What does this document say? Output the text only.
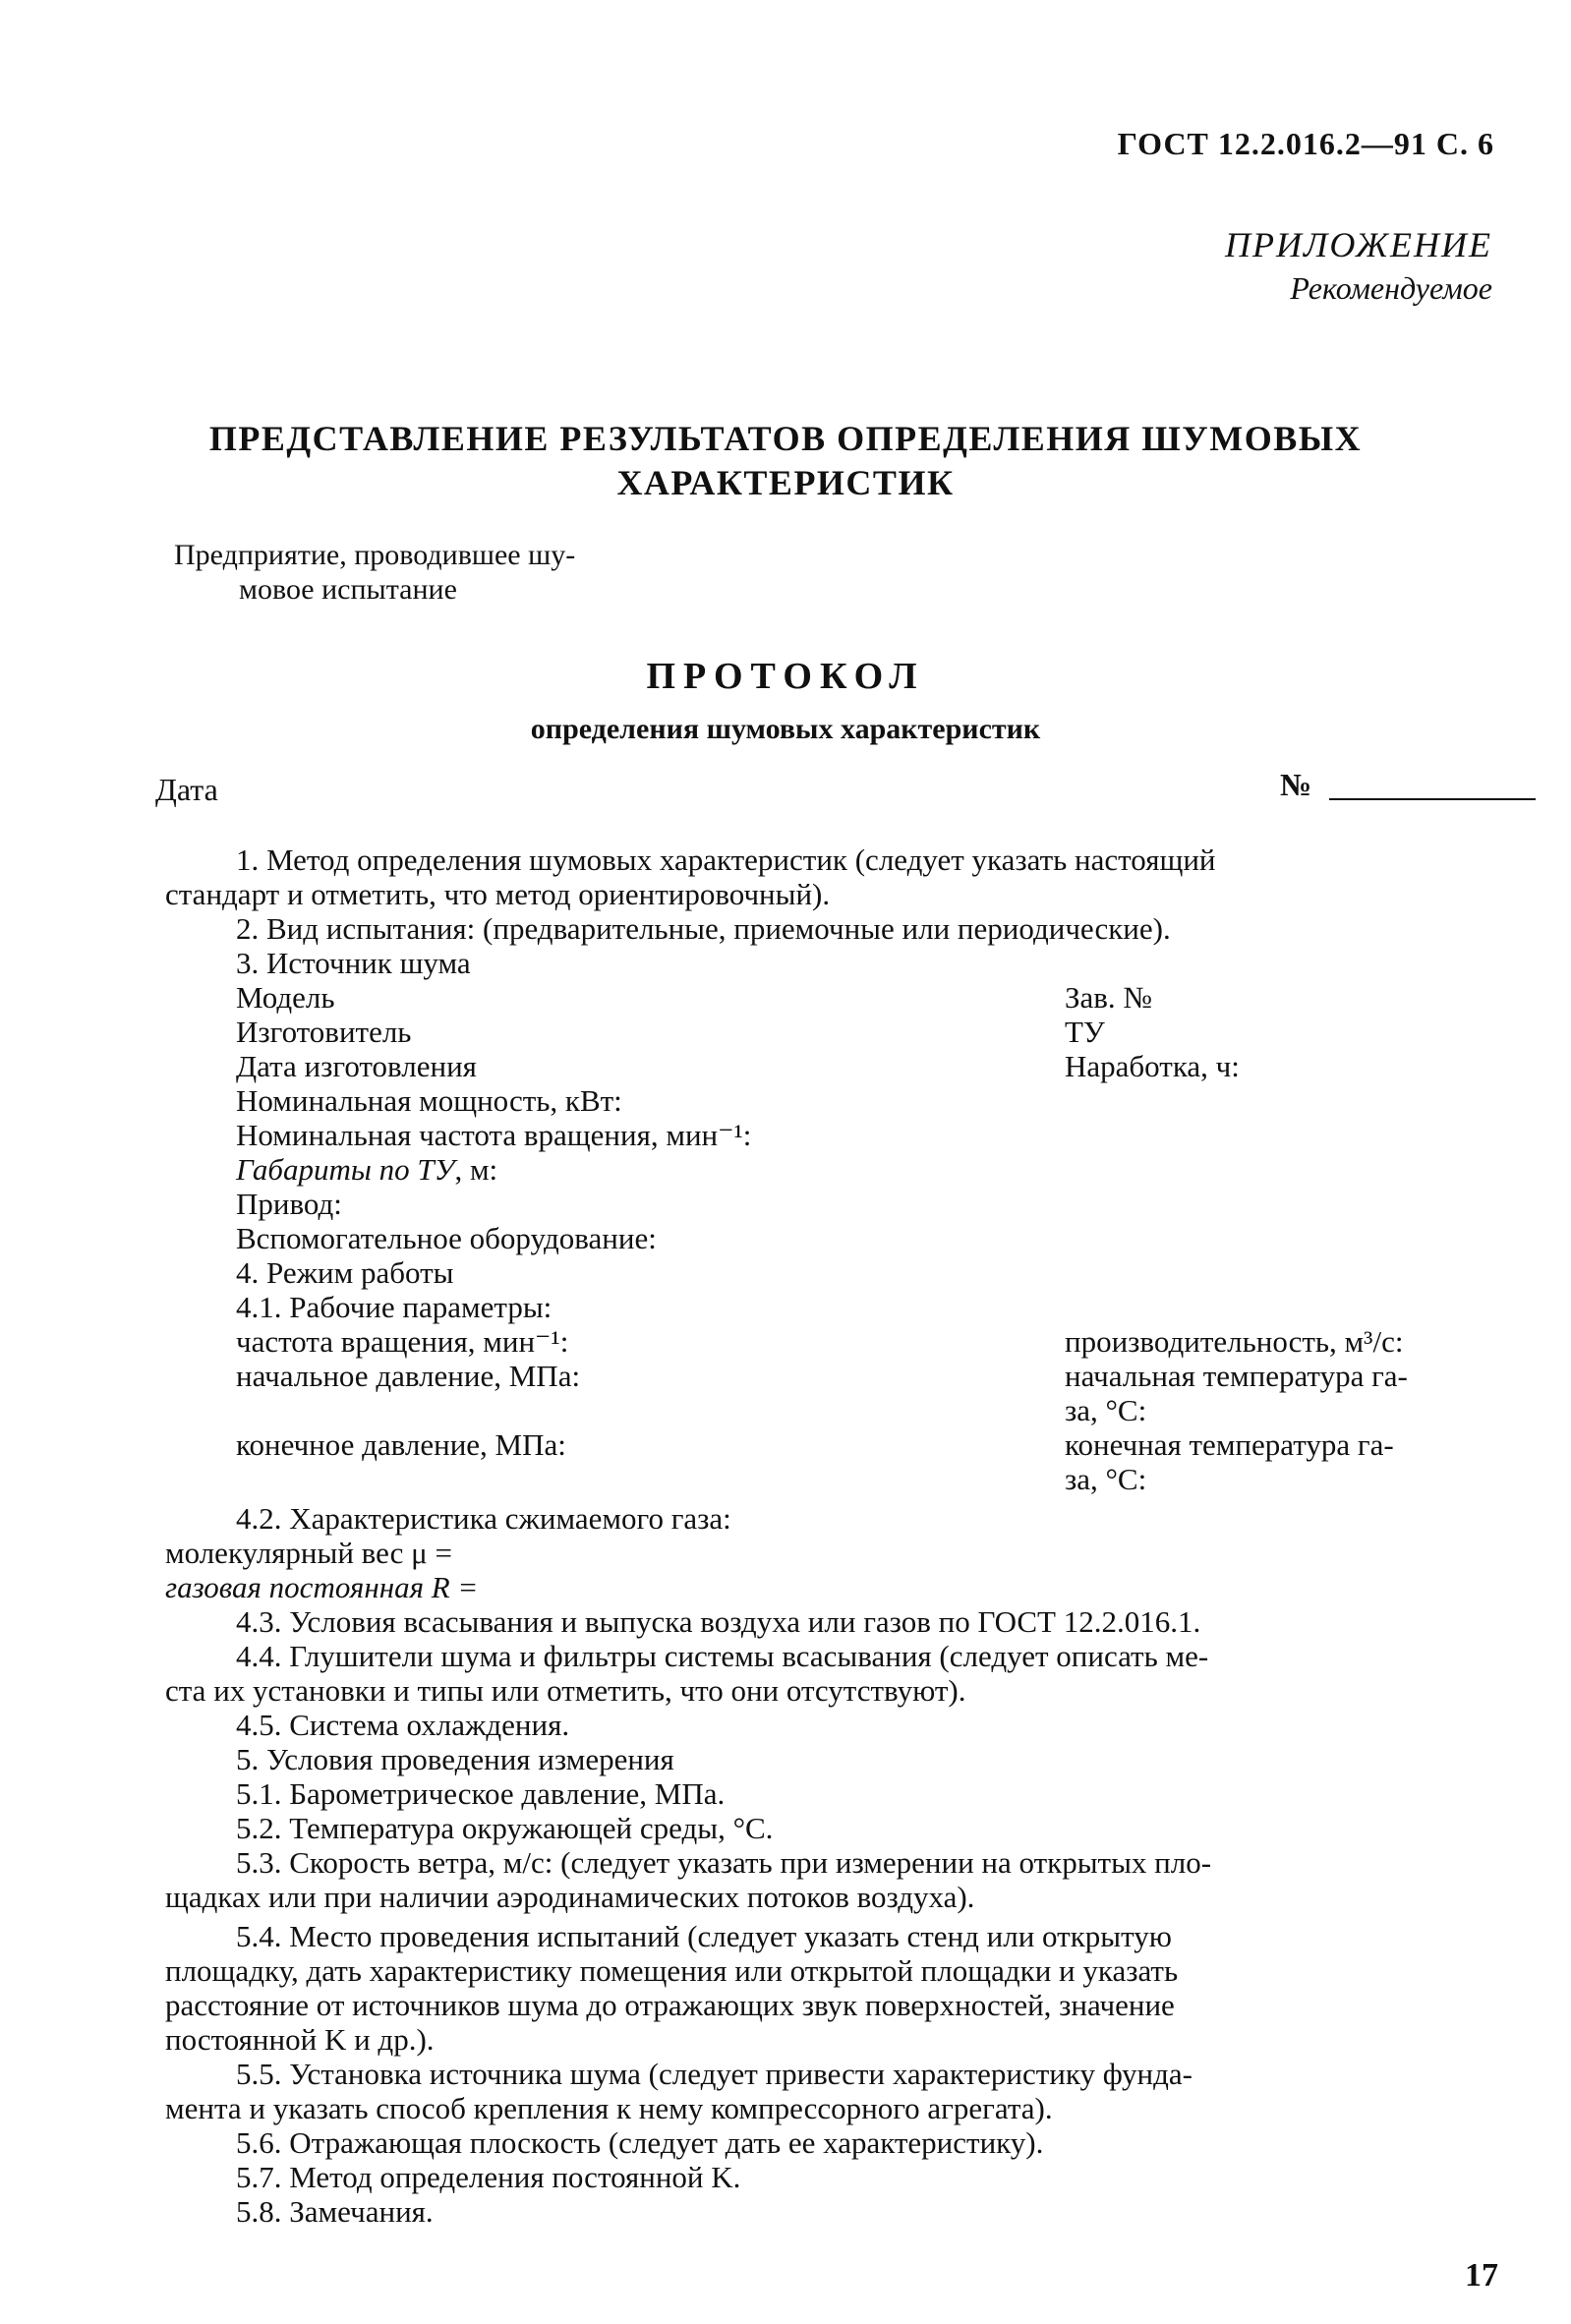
ГОСТ 12.2.016.2—91 С. 6
ПРИЛОЖЕНИЕ
Рекомендуемое
ПРЕДСТАВЛЕНИЕ РЕЗУЛЬТАТОВ ОПРЕДЕЛЕНИЯ ШУМОВЫХ
ХАРАКТЕРИСТИК
Предприятие, проводившее шу-
мовое испытание
ПРОТОКОЛ
определения шумовых характеристик
Дата	№
1. Метод определения шумовых характеристик (следует указать настоящий
стандарт и отметить, что метод ориентировочный).
2. Вид испытания: (предварительные, приемочные или периодические).
3. Источник шума
Модель	Зав. №
Изготовитель	ТУ
Дата изготовления	Наработка, ч:
Номинальная мощность, кВт:
Номинальная частота вращения, мин⁻¹:
Габариты по ТУ, м:
Привод:
Вспомогательное оборудование:
4. Режим работы
4.1. Рабочие параметры:
частота вращения, мин⁻¹:	производительность, м³/с:
начальное давление, МПа:	начальная температура га-
за, °С:
конечное давление, МПа:	конечная температура га-
за, °С:
4.2. Характеристика сжимаемого газа:
молекулярный вес μ =
газовая постоянная R =
4.3. Условия всасывания и выпуска воздуха или газов по ГОСТ 12.2.016.1.
4.4. Глушители шума и фильтры системы всасывания (следует описать ме-
ста их установки и типы или отметить, что они отсутствуют).
4.5. Система охлаждения.
5. Условия проведения измерения
5.1. Барометрическое давление, МПа.
5.2. Температура окружающей среды, °С.
5.3. Скорость ветра, м/с: (следует указать при измерении на открытых пло-
щадках или при наличии аэродинамических потоков воздуха).
5.4. Место проведения испытаний (следует указать стенд или открытую
площадку, дать характеристику помещения или открытой площадки и указать
расстояние от источников шума до отражающих звук поверхностей, значение
постоянной K и др.).
5.5. Установка источника шума (следует привести характеристику фунда-
мента и указать способ крепления к нему компрессорного агрегата).
5.6. Отражающая плоскость (следует дать ее характеристику).
5.7. Метод определения постоянной K.
5.8. Замечания.
17
